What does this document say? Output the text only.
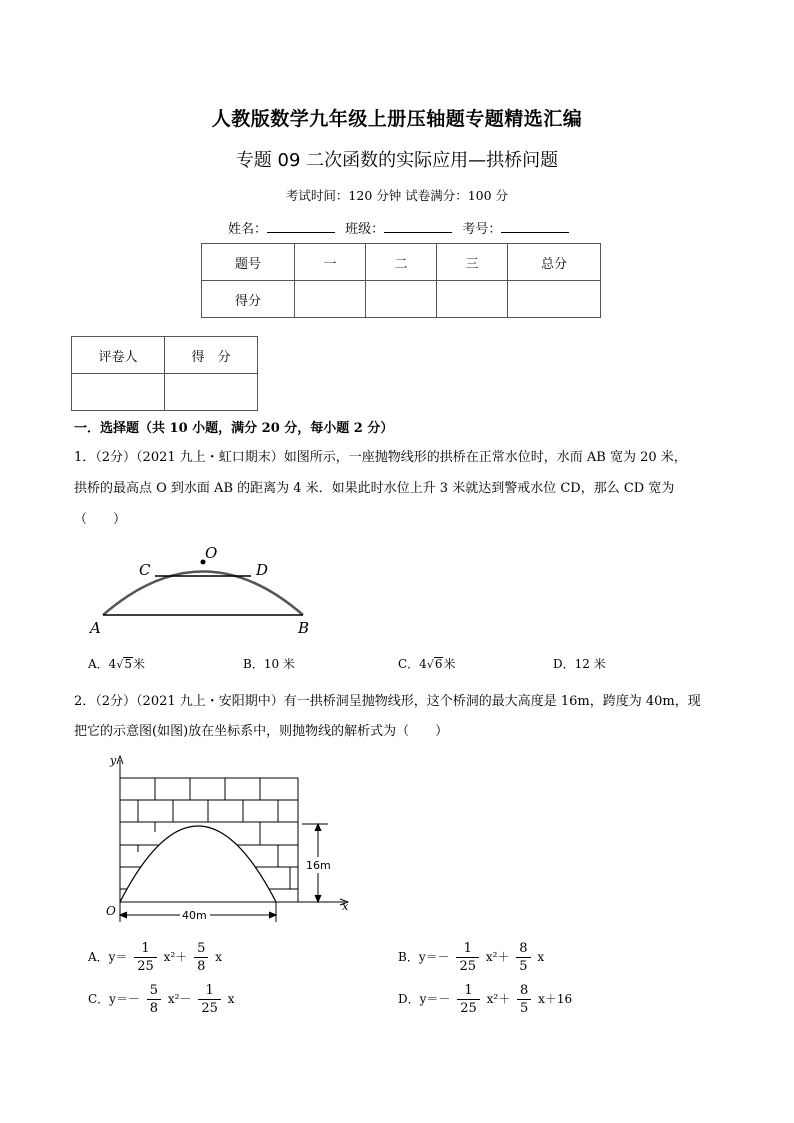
人教版数学九年级上册压轴题专题精选汇编
专题 09 二次函数的实际应用—拱桥问题
考试时间：120 分钟 试卷满分：100 分
姓名：	班级：	考号：
题号	一	二	三	总分
得分				
评卷人	得　分

一．选择题（共 10 小题，满分 20 分，每小题 2 分）
1．（2分）（2021 九上・虹口期末）如图所示，一座抛物线形的拱桥在正常水位时，水而 AB 宽为 20 米，
拱桥的最高点 O 到水面 AB 的距离为 4 米．如果此时水位上升 3 米就达到警戒水位 CD，那么 CD 宽为
（　　）
A	B
C	D
O
A．4√5米	B．10 米	C．4√6米	D．12 米
2．（2分）（2021 九上・安阳期中）有一拱桥洞呈抛物线形，这个桥洞的最大高度是 16m，跨度为 40m，现
把它的示意图(如图)放在坐标系中，则抛物线的解析式为（　　）
16m
40m
y
x
O
A．$y= \frac{1}{25} x^2+ \frac{5}{8}$ x	B．$y=- \frac{1}{25} x^2+ \frac{8}{5}$ x
C．$y=- \frac{5}{8} x^2- \frac{1}{25}$ x	D．$y=- \frac{1}{25} x^2+ \frac{8}{5} x+16$
